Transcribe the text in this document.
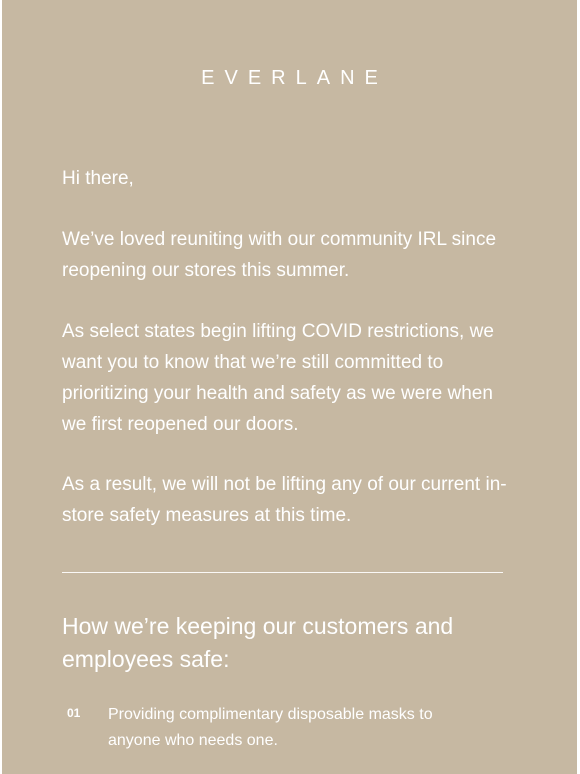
EVERLANE

Hi there,

We’ve loved reuniting with our community IRL since reopening our stores this summer.

As select states begin lifting COVID restrictions, we want you to know that we’re still committed to prioritizing your health and safety as we were when we first reopened our doors.

As a result, we will not be lifting any of our current in-store safety measures at this time.

How we’re keeping our customers and employees safe:
01 Providing complimentary disposable masks to anyone who needs one.
